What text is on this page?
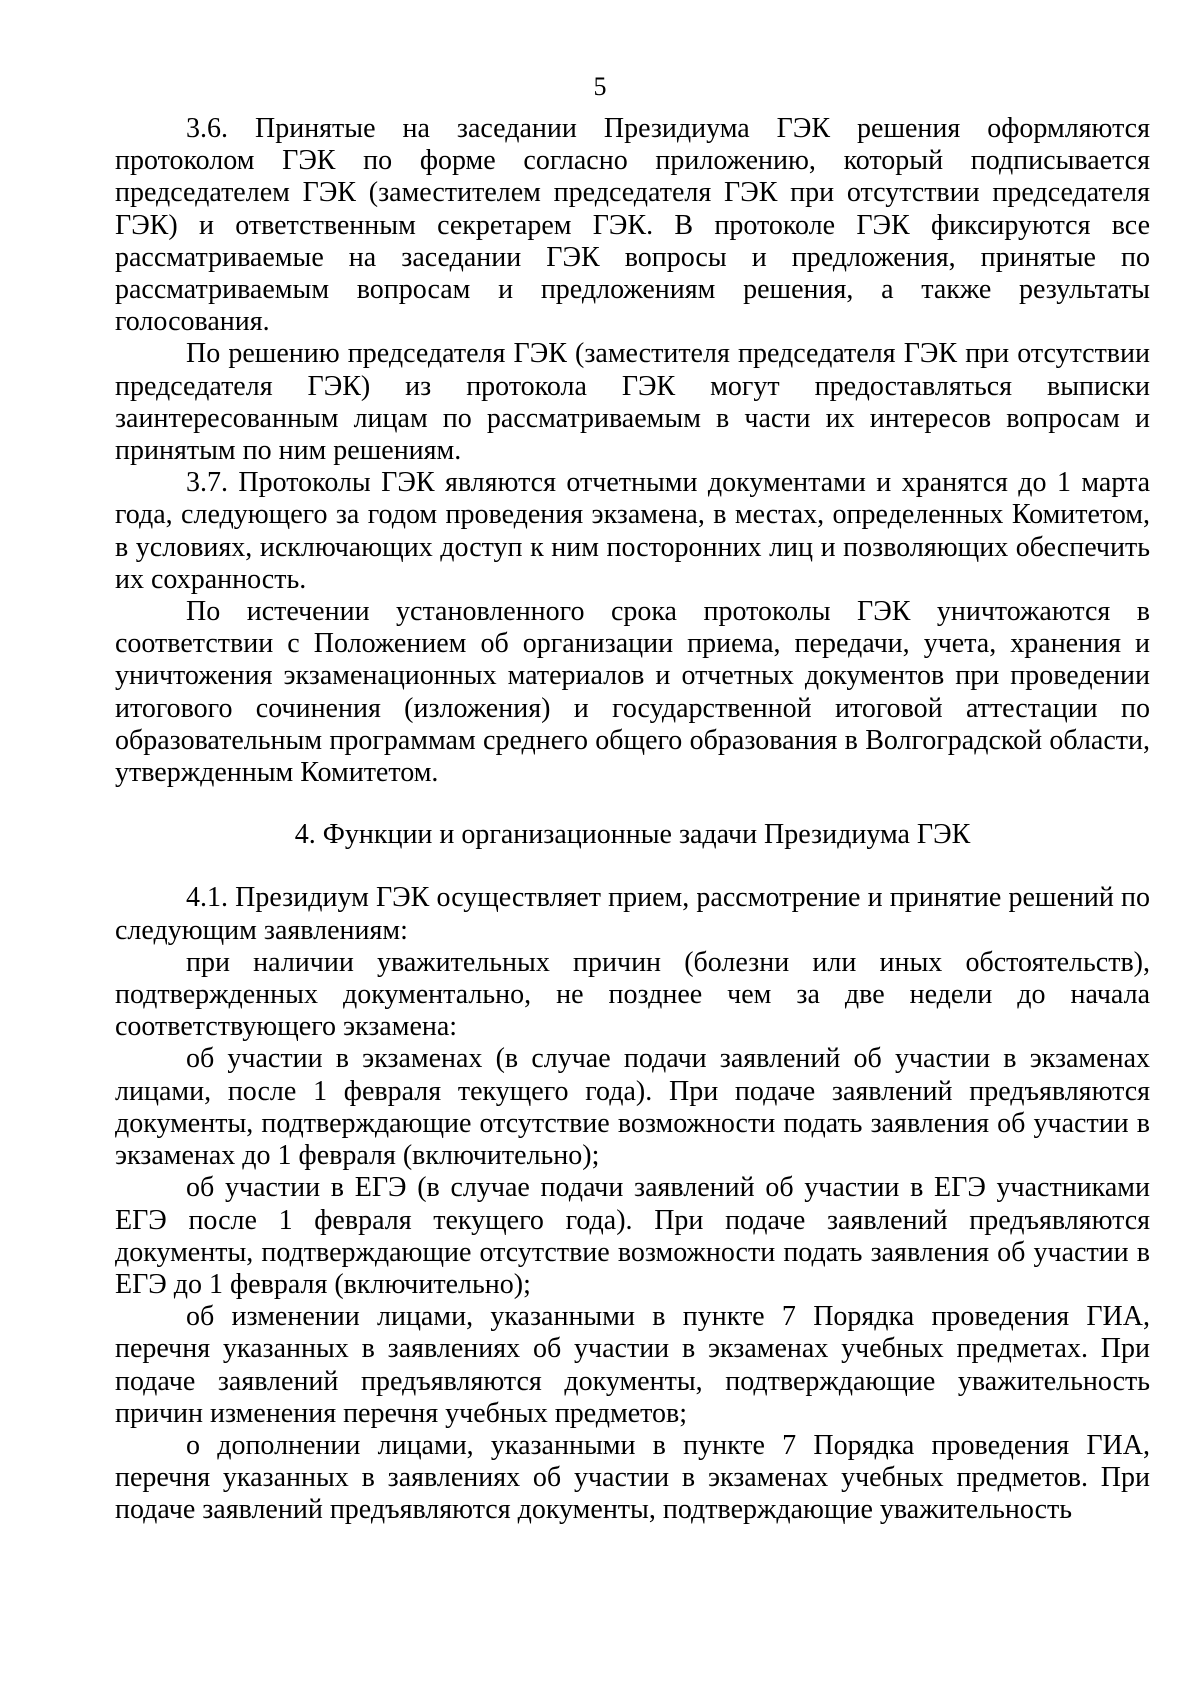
5

3.6. Принятые на заседании Президиума ГЭК решения оформляются протоколом ГЭК по форме согласно приложению, который подписывается председателем ГЭК (заместителем председателя ГЭК при отсутствии председателя ГЭК) и ответственным секретарем ГЭК. В протоколе ГЭК фиксируются все рассматриваемые на заседании ГЭК вопросы и предложения, принятые по рассматриваемым вопросам и предложениям решения, а также результаты голосования.

По решению председателя ГЭК (заместителя председателя ГЭК при отсутствии председателя ГЭК) из протокола ГЭК могут предоставляться выписки заинтересованным лицам по рассматриваемым в части их интересов вопросам и принятым по ним решениям.

3.7. Протоколы ГЭК являются отчетными документами и хранятся до 1 марта года, следующего за годом проведения экзамена, в местах, определенных Комитетом, в условиях, исключающих доступ к ним посторонних лиц и позволяющих обеспечить их сохранность.

По истечении установленного срока протоколы ГЭК уничтожаются в соответствии с Положением об организации приема, передачи, учета, хранения и уничтожения экзаменационных материалов и отчетных документов при проведении итогового сочинения (изложения) и государственной итоговой аттестации по образовательным программам среднего общего образования в Волгоградской области, утвержденным Комитетом.

4. Функции и организационные задачи Президиума ГЭК

4.1. Президиум ГЭК осуществляет прием, рассмотрение и принятие решений по следующим заявлениям:

при наличии уважительных причин (болезни или иных обстоятельств), подтвержденных документально, не позднее чем за две недели до начала соответствующего экзамена:

об участии в экзаменах (в случае подачи заявлений об участии в экзаменах лицами, после 1 февраля текущего года). При подаче заявлений предъявляются документы, подтверждающие отсутствие возможности подать заявления об участии в экзаменах до 1 февраля (включительно);

об участии в ЕГЭ (в случае подачи заявлений об участии в ЕГЭ участниками ЕГЭ после 1 февраля текущего года). При подаче заявлений предъявляются документы, подтверждающие отсутствие возможности подать заявления об участии в ЕГЭ до 1 февраля (включительно);

об изменении лицами, указанными в пункте 7 Порядка проведения ГИА, перечня указанных в заявлениях об участии в экзаменах учебных предметах. При подаче заявлений предъявляются документы, подтверждающие уважительность причин изменения перечня учебных предметов;

о дополнении лицами, указанными в пункте 7 Порядка проведения ГИА, перечня указанных в заявлениях об участии в экзаменах учебных предметов. При подаче заявлений предъявляются документы, подтверждающие уважительность
